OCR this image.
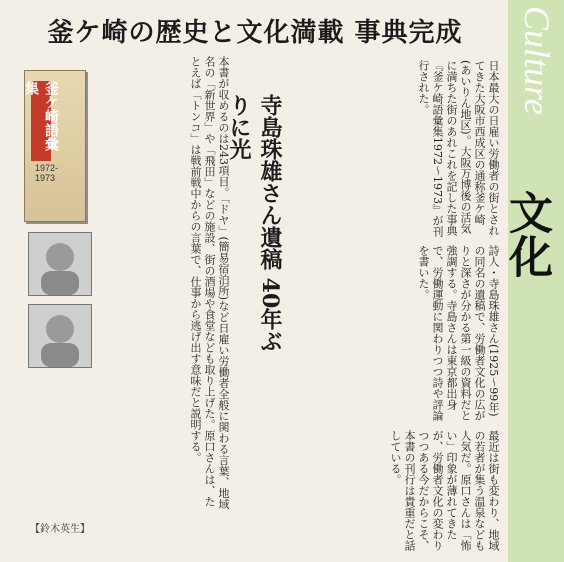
釜ケ崎の歴史と文化満載 事典完成	Culture
文化
釜ケ崎語彙集
1972-1973	寺島珠雄さん遺稿 40年ぶりに光	日本最大の日雇い労働者の街とされてきた大阪市西成区の通称釜ケ崎(あいりん地区)。大阪万博後の活気に満ちた街のあれこれを記した事典『釜ケ崎語彙集1972～1973』が刊行された。
詩人・寺島珠雄さん(1925～99年)の同名の遺稿で、労働者文化の広がりと深さが分かる第一級の資料だと強調する。寺島さんは東京都出身で、労働運動に関わりつつ詩や評論を書いた。
最近は街も変わり、地域の若者が集う温泉なども人気だ。原口さんは「怖い」印象が薄れてきたが、労働者文化の変わりつつある今だからこそ、本書の刊行は貴重だと話している。
本書が収めるのは243項目。「ドヤ」(簡易宿泊所)など日雇い労働者全般に関わる言葉、地域名の「新世界」や「飛田」などの施設、街の酒場や食堂なども取り上げた。原口さんは、たとえば「トンコ」は戦前戦中からの言葉で、仕事から逃げ出す意味だと説明する。
【鈴木英生】
